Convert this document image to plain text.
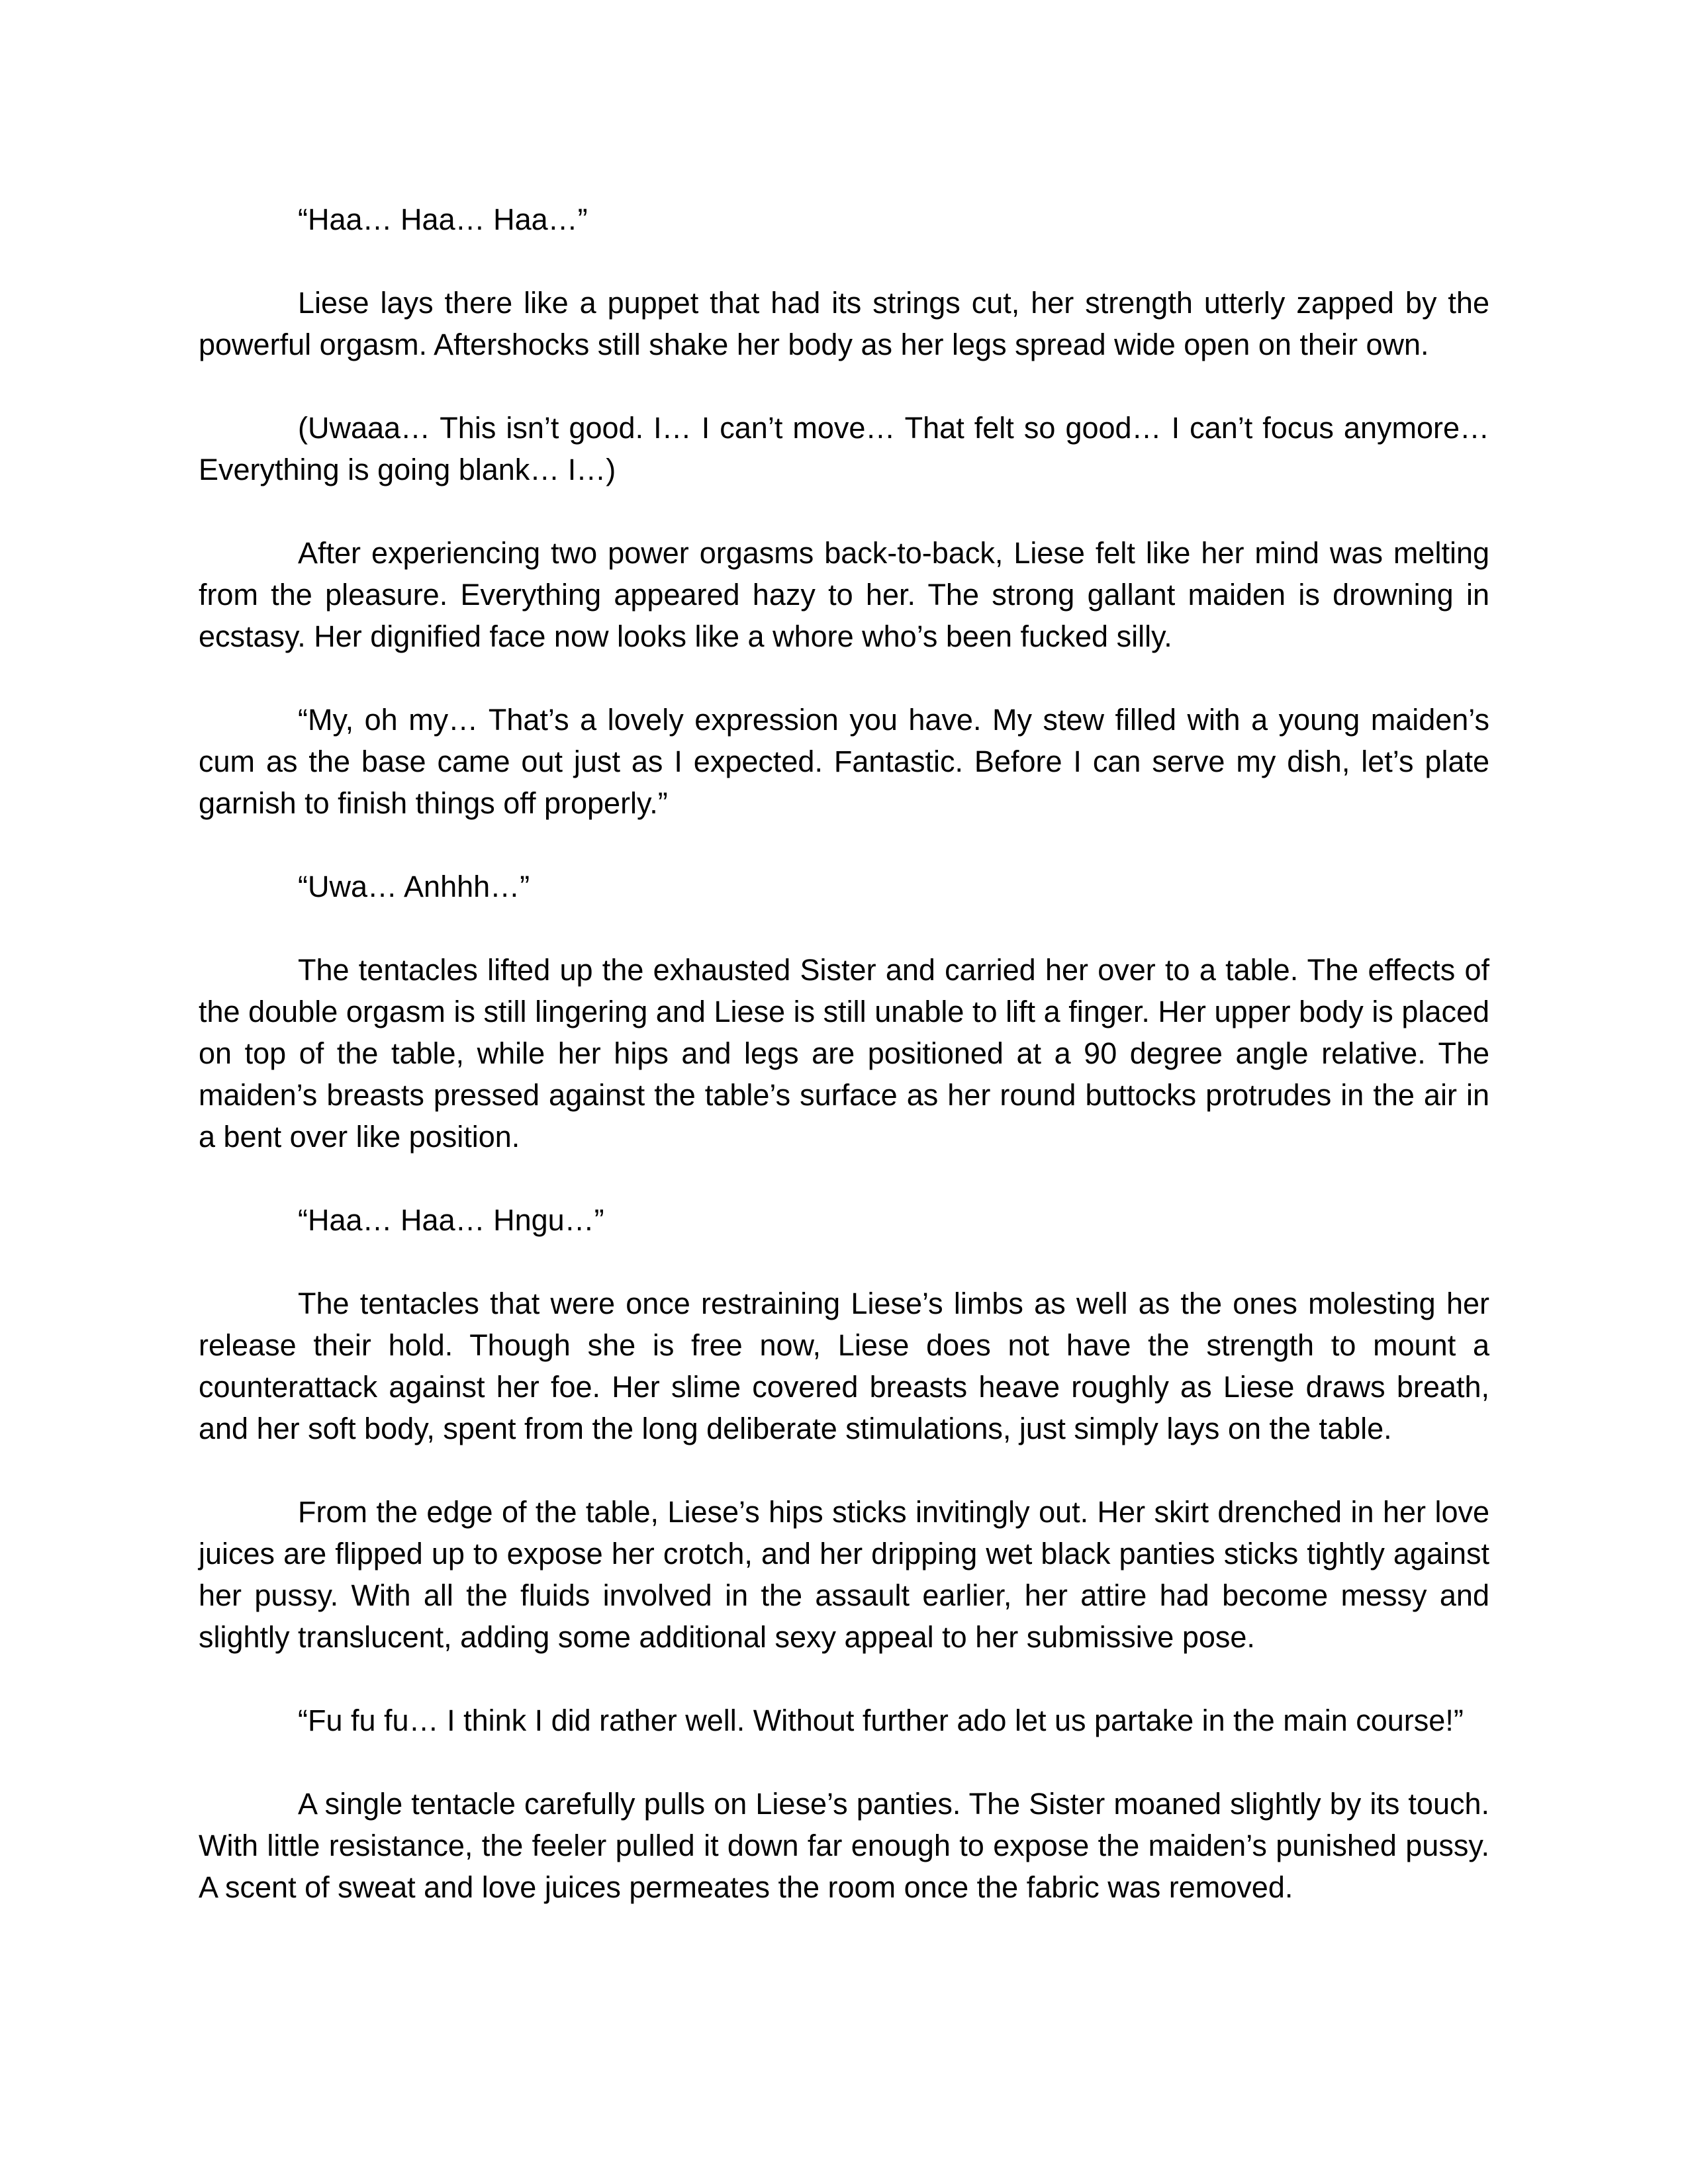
“Haa… Haa… Haa…”

Liese lays there like a puppet that had its strings cut, her strength utterly zapped by the powerful orgasm. Aftershocks still shake her body as her legs spread wide open on their own.

(Uwaaa… This isn’t good. I… I can’t move… That felt so good… I can’t focus anymore… Everything is going blank… I…)

After experiencing two power orgasms back-to-back, Liese felt like her mind was melting from the pleasure. Everything appeared hazy to her. The strong gallant maiden is drowning in ecstasy. Her dignified face now looks like a whore who’s been fucked silly.

“My, oh my… That’s a lovely expression you have. My stew filled with a young maiden’s cum as the base came out just as I expected. Fantastic. Before I can serve my dish, let’s plate garnish to finish things off properly.”

“Uwa… Anhhh…”

The tentacles lifted up the exhausted Sister and carried her over to a table. The effects of the double orgasm is still lingering and Liese is still unable to lift a finger. Her upper body is placed on top of the table, while her hips and legs are positioned at a 90 degree angle relative. The maiden’s breasts pressed against the table’s surface as her round buttocks protrudes in the air in a bent over like position.

“Haa… Haa… Hngu…”

The tentacles that were once restraining Liese’s limbs as well as the ones molesting her release their hold. Though she is free now, Liese does not have the strength to mount a counterattack against her foe. Her slime covered breasts heave roughly as Liese draws breath, and her soft body, spent from the long deliberate stimulations, just simply lays on the table.

From the edge of the table, Liese’s hips sticks invitingly out. Her skirt drenched in her love juices are flipped up to expose her crotch, and her dripping wet black panties sticks tightly against her pussy. With all the fluids involved in the assault earlier, her attire had become messy and slightly translucent, adding some additional sexy appeal to her submissive pose.

“Fu fu fu… I think I did rather well. Without further ado let us partake in the main course!”

A single tentacle carefully pulls on Liese’s panties. The Sister moaned slightly by its touch. With little resistance, the feeler pulled it down far enough to expose the maiden’s punished pussy. A scent of sweat and love juices permeates the room once the fabric was removed.
